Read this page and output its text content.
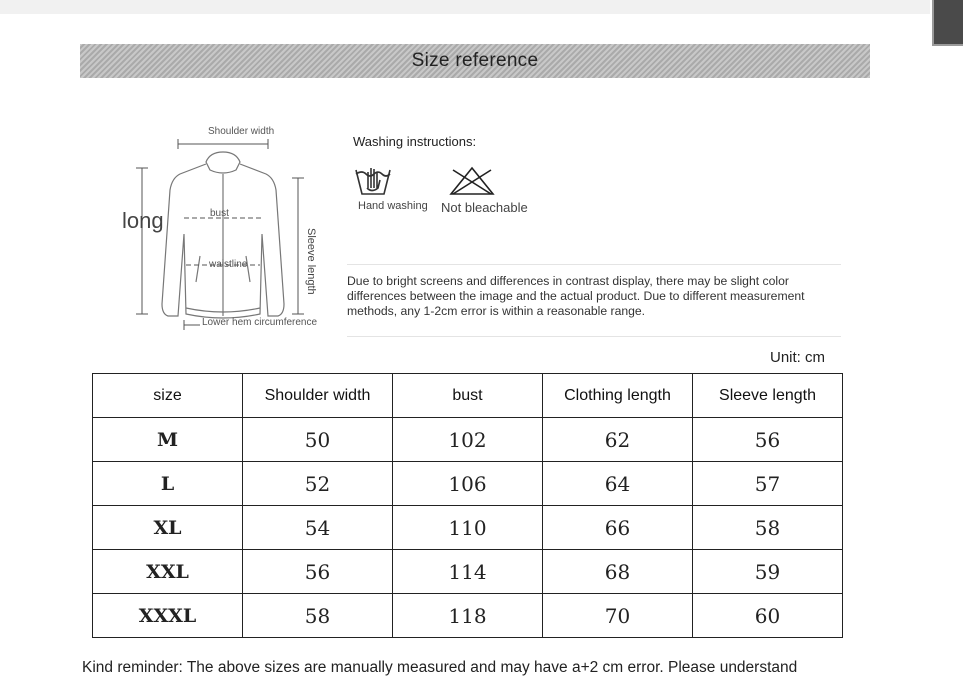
Size reference
Shoulder width
long	bust
waistline	Sleeve length
Lower hem circumference
Washing instructions:
Hand washing Not bleachable
Due to bright screens and differences in contrast display, there may be slight color differences between the image and the actual product. Due to different measurement methods, any 1-2cm error is within a reasonable range.
Unit: cm
size	Shoulder width	bust	Clothing length	Sleeve length
M	50	102	62	56
L	52	106	64	57
XL	54	110	66	58
XXL	56	114	68	59
XXXL	58	118	70	60
Kind reminder: The above sizes are manually measured and may have a+2 cm error. Please understand
